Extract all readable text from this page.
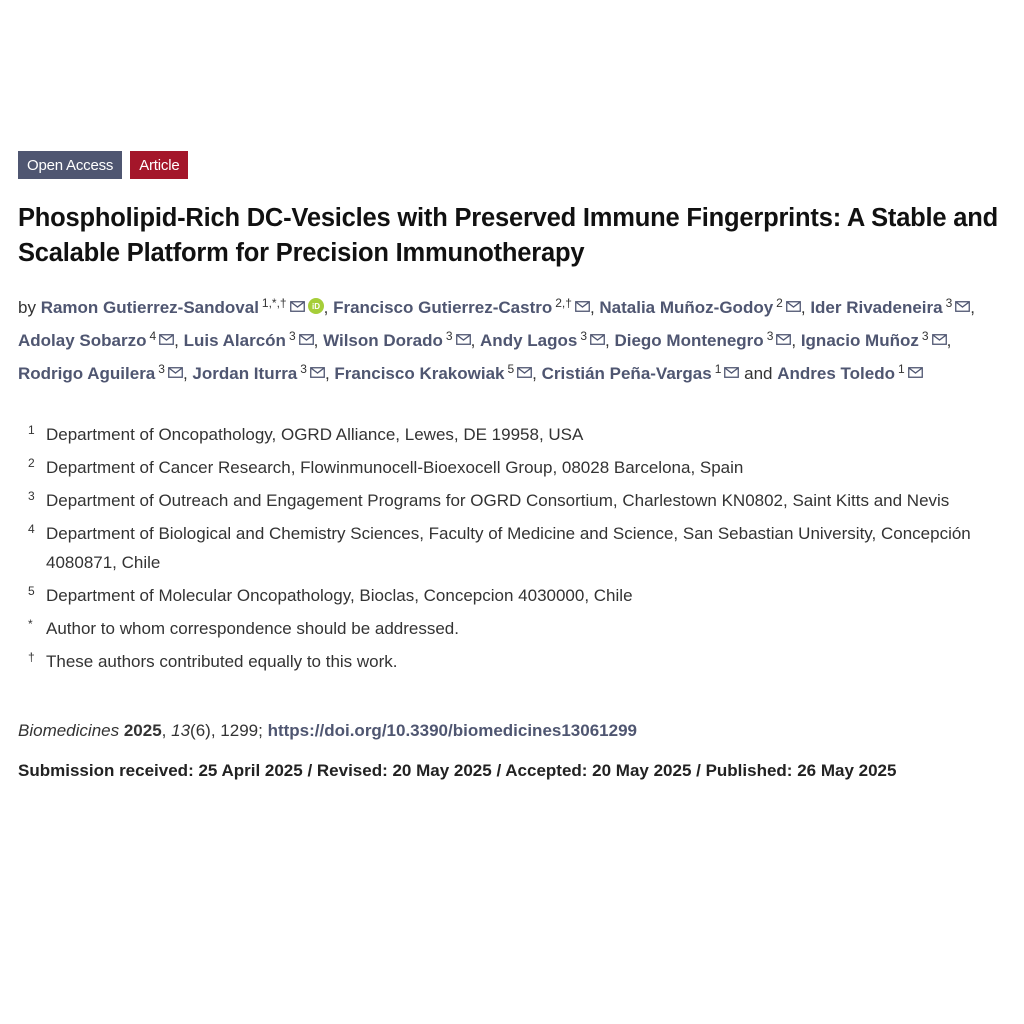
Open Access	Article
Phospholipid-Rich DC-Vesicles with Preserved Immune Fingerprints: A Stable and Scalable Platform for Precision Immunotherapy
by Ramon Gutierrez-Sandoval $^{1,*,\dagger}$	iD , Francisco Gutierrez-Castro $^{2,\dagger}$ , Natalia Muñoz-Godoy $^2$ , Ider Rivadeneira $^3$ , Adolay Sobarzo $^4$ , Luis Alarcón $^3$ , Wilson Dorado $^3$ , Andy Lagos $^3$ , Diego Montenegro $^3$ , Ignacio Muñoz $^3$ , Rodrigo Aguilera $^3$ , Jordan Iturra $^3$ , Francisco Krakowiak $^5$ , Cristián Peña-Vargas $^1$ and Andres Toledo $^1$
1 Department of Oncopathology, OGRD Alliance, Lewes, DE 19958, USA
2 Department of Cancer Research, Flowinmunocell-Bioexocell Group, 08028 Barcelona, Spain
3 Department of Outreach and Engagement Programs for OGRD Consortium, Charlestown KN0802, Saint Kitts and Nevis
4 Department of Biological and Chemistry Sciences, Faculty of Medicine and Science, San Sebastian University, Concepción 4080871, Chile
5 Department of Molecular Oncopathology, Bioclas, Concepcion 4030000, Chile
* Author to whom correspondence should be addressed.
† These authors contributed equally to this work.
Biomedicines 2025, 13(6), 1299; https://doi.org/10.3390/biomedicines13061299
Submission received: 25 April 2025 / Revised: 20 May 2025 / Accepted: 20 May 2025 / Published: 26 May 2025
